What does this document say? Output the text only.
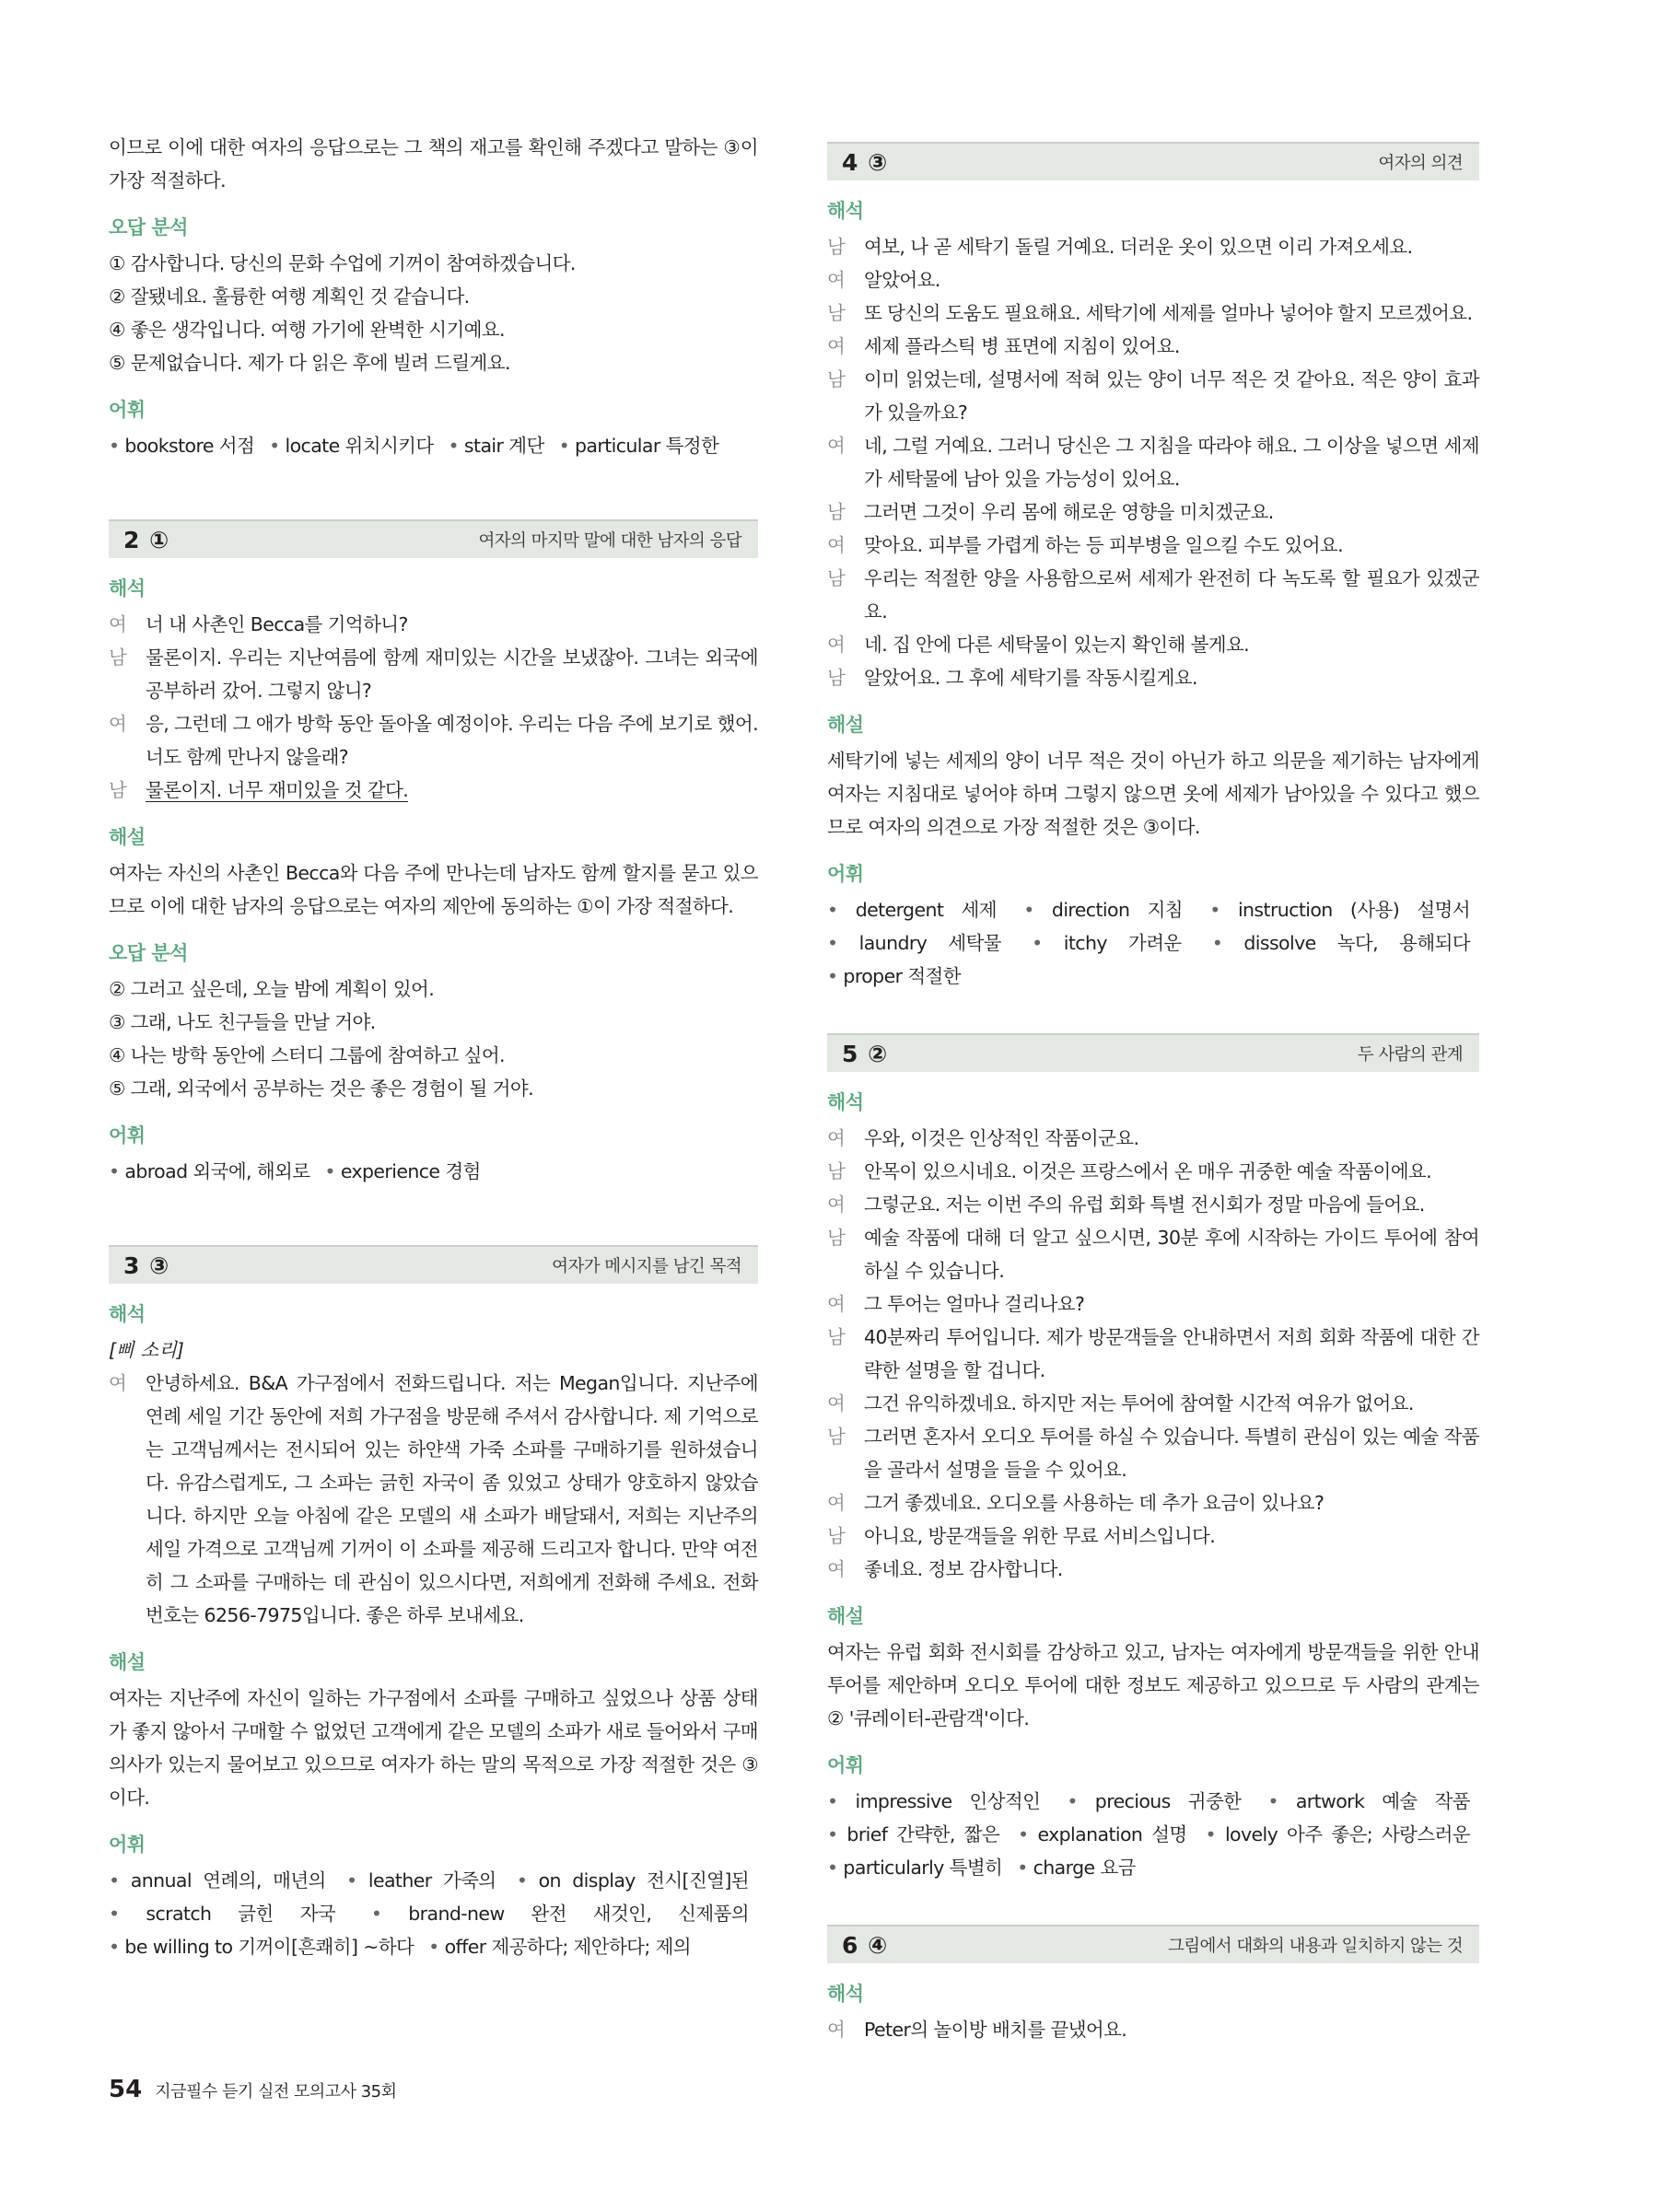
이므로 이에 대한 여자의 응답으로는 그 책의 재고를 확인해 주겠다고 말하는 ③이 가장 적절하다.

오답 분석
① 감사합니다. 당신의 문화 수업에 기꺼이 참여하겠습니다.
② 잘됐네요. 훌륭한 여행 계획인 것 같습니다.
④ 좋은 생각입니다. 여행 가기에 완벽한 시기예요.
⑤ 문제없습니다. 제가 다 읽은 후에 빌려 드릴게요.
어휘
• bookstore 서점 • locate 위치시키다 • stair 계단 • particular 특정한
2 ①	여자의 마지막 말에 대한 남자의 응답
해석
여	너 내 사촌인 Becca를 기억하니?
남	물론이지. 우리는 지난여름에 함께 재미있는 시간을 보냈잖아. 그녀는 외국에 공부하러 갔어. 그렇지 않니?
여	응, 그런데 그 애가 방학 동안 돌아올 예정이야. 우리는 다음 주에 보기로 했어. 너도 함께 만나지 않을래?
남	물론이지. 너무 재미있을 것 같다.
해설

여자는 자신의 사촌인 Becca와 다음 주에 만나는데 남자도 함께 할지를 묻고 있으므로 이에 대한 남자의 응답으로는 여자의 제안에 동의하는 ①이 가장 적절하다.

오답 분석
② 그러고 싶은데, 오늘 밤에 계획이 있어.
③ 그래, 나도 친구들을 만날 거야.
④ 나는 방학 동안에 스터디 그룹에 참여하고 싶어.
⑤ 그래, 외국에서 공부하는 것은 좋은 경험이 될 거야.
어휘
• abroad 외국에, 해외로 • experience 경험
3 ③	여자가 메시지를 남긴 목적
해석
[삐 소리]
여	안녕하세요. B&A 가구점에서 전화드립니다. 저는 Megan입니다. 지난주에 연례 세일 기간 동안에 저희 가구점을 방문해 주셔서 감사합니다. 제 기억으로는 고객님께서는 전시되어 있는 하얀색 가죽 소파를 구매하기를 원하셨습니다. 유감스럽게도, 그 소파는 긁힌 자국이 좀 있었고 상태가 양호하지 않았습니다. 하지만 오늘 아침에 같은 모델의 새 소파가 배달돼서, 저희는 지난주의 세일 가격으로 고객님께 기꺼이 이 소파를 제공해 드리고자 합니다. 만약 여전히 그 소파를 구매하는 데 관심이 있으시다면, 저희에게 전화해 주세요. 전화번호는 6256-7975입니다. 좋은 하루 보내세요.
해설

여자는 지난주에 자신이 일하는 가구점에서 소파를 구매하고 싶었으나 상품 상태가 좋지 않아서 구매할 수 없었던 고객에게 같은 모델의 소파가 새로 들어와서 구매 의사가 있는지 물어보고 있으므로 여자가 하는 말의 목적으로 가장 적절한 것은 ③이다.

어휘
• annual 연례의, 매년의 • leather 가죽의 • on display 전시[진열]된 • scratch 긁힌 자국	• brand-new 완전 새것인, 신제품의 • be willing to 기꺼이[흔쾌히] ~하다 • offer 제공하다; 제안하다; 제의
4 ③	여자의 의견
해석
남	여보, 나 곧 세탁기 돌릴 거예요. 더러운 옷이 있으면 이리 가져오세요.
여	알았어요.
남	또 당신의 도움도 필요해요. 세탁기에 세제를 얼마나 넣어야 할지 모르겠어요.
여	세제 플라스틱 병 표면에 지침이 있어요.
남	이미 읽었는데, 설명서에 적혀 있는 양이 너무 적은 것 같아요. 적은 양이 효과가 있을까요?
여	네, 그럴 거예요. 그러니 당신은 그 지침을 따라야 해요. 그 이상을 넣으면 세제가 세탁물에 남아 있을 가능성이 있어요.
남	그러면 그것이 우리 몸에 해로운 영향을 미치겠군요.
여	맞아요. 피부를 가렵게 하는 등 피부병을 일으킬 수도 있어요.
남	우리는 적절한 양을 사용함으로써 세제가 완전히 다 녹도록 할 필요가 있겠군요.
여	네. 집 안에 다른 세탁물이 있는지 확인해 볼게요.
남	알았어요. 그 후에 세탁기를 작동시킬게요.
해설

세탁기에 넣는 세제의 양이 너무 적은 것이 아닌가 하고 의문을 제기하는 남자에게 여자는 지침대로 넣어야 하며 그렇지 않으면 옷에 세제가 남아있을 수 있다고 했으므로 여자의 의견으로 가장 적절한 것은 ③이다.

어휘
• detergent 세제	• direction 지침	• instruction (사용) 설명서 • laundry 세탁물	• itchy 가려운	• dissolve 녹다, 용해되다 • proper 적절한
5 ②	두 사람의 관계
해석
여	우와, 이것은 인상적인 작품이군요.
남	안목이 있으시네요. 이것은 프랑스에서 온 매우 귀중한 예술 작품이에요.
여	그렇군요. 저는 이번 주의 유럽 회화 특별 전시회가 정말 마음에 들어요.
남	예술 작품에 대해 더 알고 싶으시면, 30분 후에 시작하는 가이드 투어에 참여하실 수 있습니다.
여	그 투어는 얼마나 걸리나요?
남	40분짜리 투어입니다. 제가 방문객들을 안내하면서 저희 회화 작품에 대한 간략한 설명을 할 겁니다.
여	그건 유익하겠네요. 하지만 저는 투어에 참여할 시간적 여유가 없어요.
남	그러면 혼자서 오디오 투어를 하실 수 있습니다. 특별히 관심이 있는 예술 작품을 골라서 설명을 들을 수 있어요.
여	그거 좋겠네요. 오디오를 사용하는 데 추가 요금이 있나요?
남	아니요, 방문객들을 위한 무료 서비스입니다.
여	좋네요. 정보 감사합니다.
해설

여자는 유럽 회화 전시회를 감상하고 있고, 남자는 여자에게 방문객들을 위한 안내 투어를 제안하며 오디오 투어에 대한 정보도 제공하고 있으므로 두 사람의 관계는 ② '큐레이터-관람객'이다.

어휘
• impressive 인상적인	• precious 귀중한	• artwork 예술 작품 • brief 간략한, 짧은 • explanation 설명 • lovely 아주 좋은; 사랑스러운 • particularly 특별히 • charge 요금
6 ④	그림에서 대화의 내용과 일치하지 않는 것
해석
여	Peter의 놀이방 배치를 끝냈어요.
54 지금필수 듣기 실전 모의고사 35회
